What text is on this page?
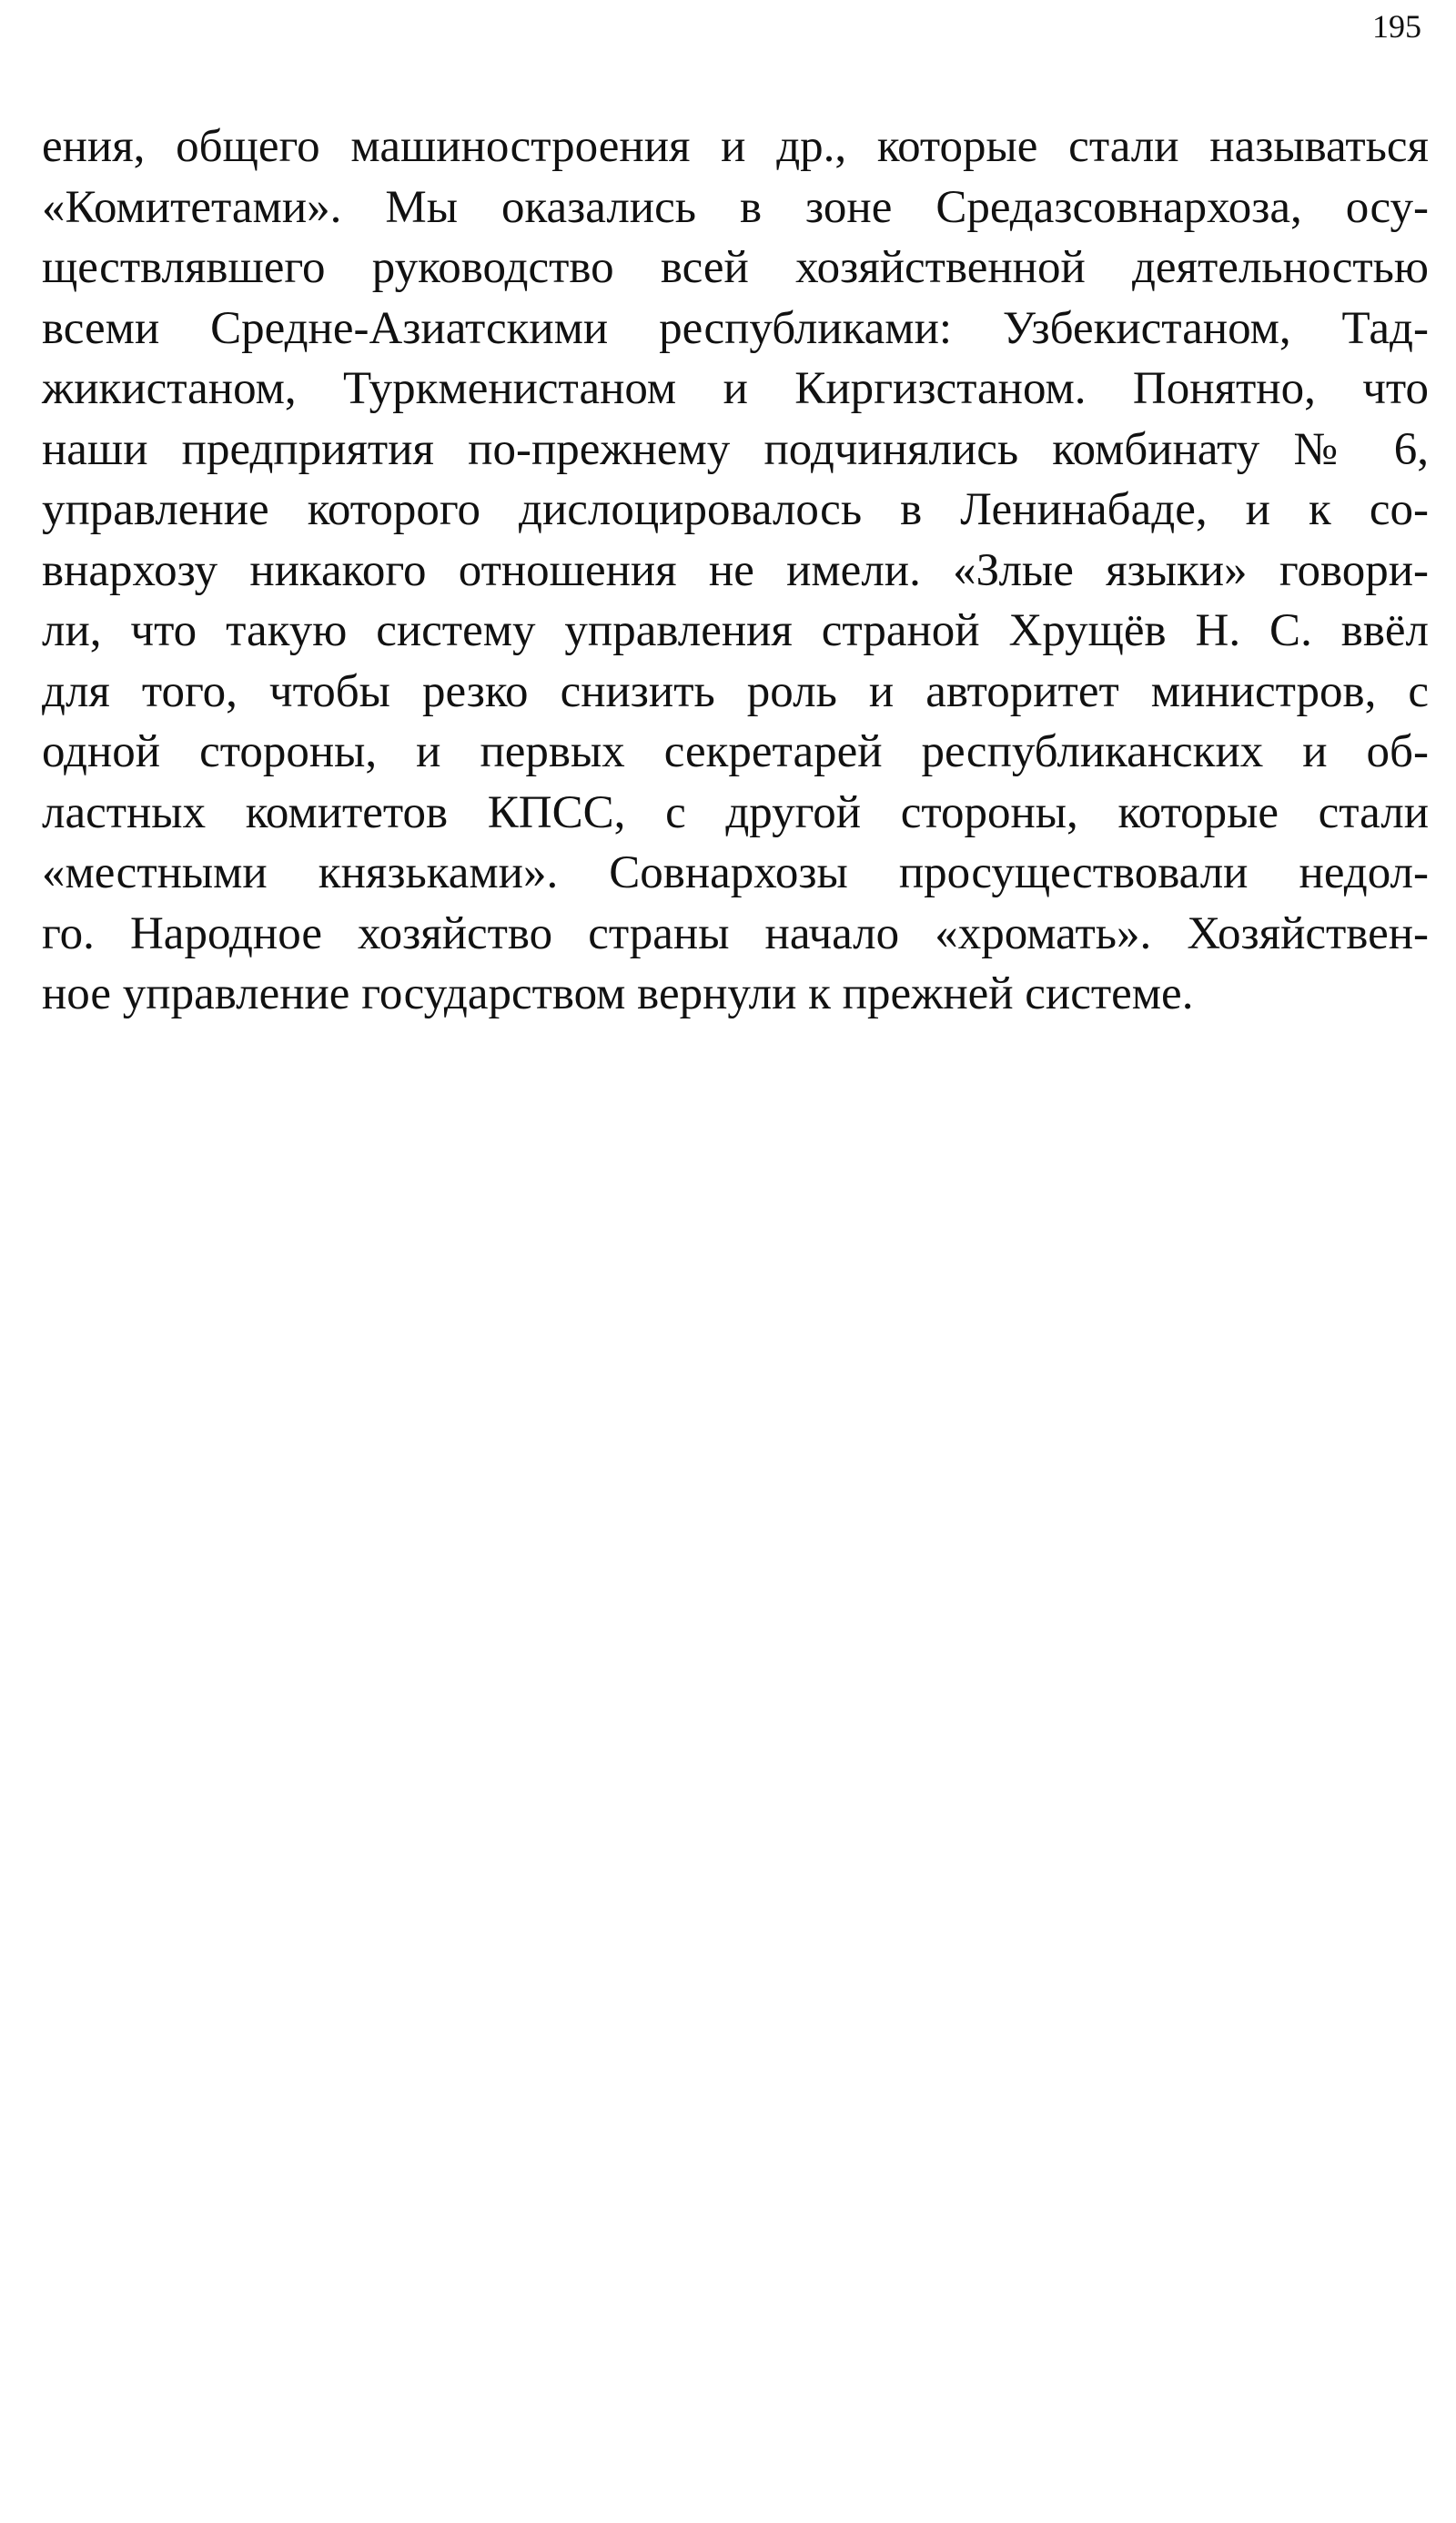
195
ения, общего машиностроения и др., которые стали называться
«Комитетами». Мы оказались в зоне Средазсовнархоза, осу-
ществлявшего руководство всей хозяйственной деятельностью
всеми Средне-Азиатскими республиками: Узбекистаном, Тад-
жикистаном, Туркменистаном и Киргизстаном. Понятно, что
наши предприятия по-прежнему подчинялись комбинату № 6,
управление которого дислоцировалось в Ленинабаде, и к со-
внархозу никакого отношения не имели. «Злые языки» говори-
ли, что такую систему управления страной Хрущёв Н. С. ввёл
для того, чтобы резко снизить роль и авторитет министров, с
одной стороны, и первых секретарей республиканских и об-
ластных комитетов КПСС, с другой стороны, которые стали
«местными князьками». Совнархозы просуществовали недол-
го. Народное хозяйство страны начало «хромать». Хозяйствен-
ное управление государством вернули к прежней системе.
